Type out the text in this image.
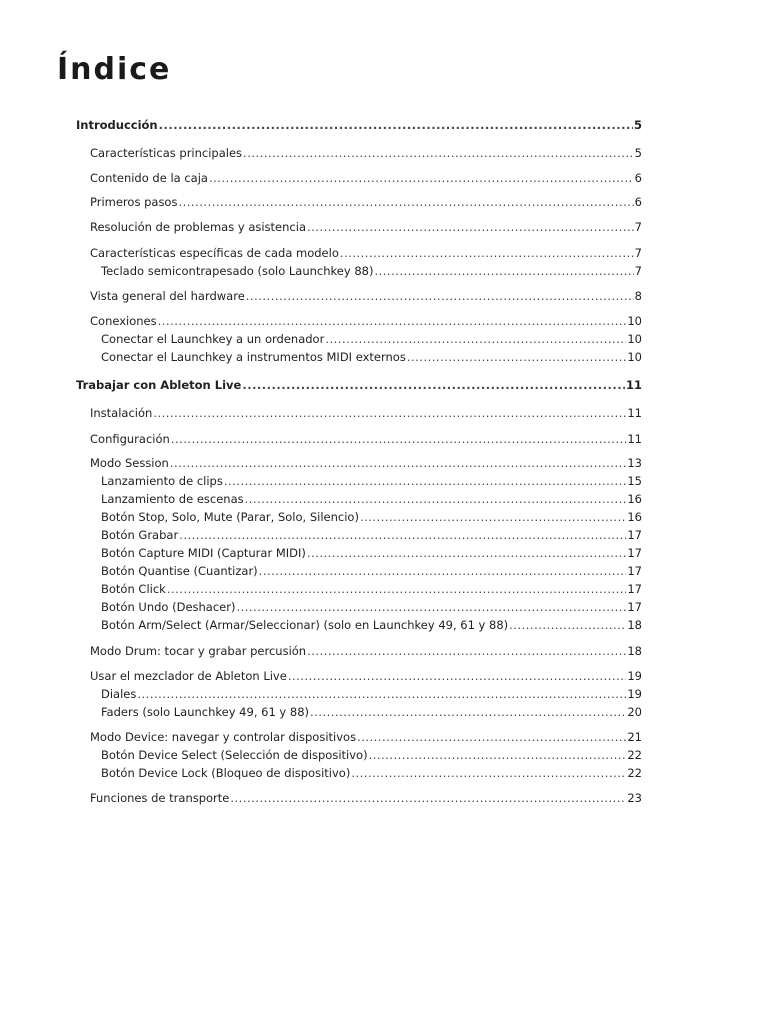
Índice
Introducción .....	5
Características principales .....	5
Contenido de la caja .....	6
Primeros pasos .....	6
Resolución de problemas y asistencia .....	7
Características específicas de cada modelo .....	7
Teclado semicontrapesado (solo Launchkey 88) .....	7
Vista general del hardware .....	8
Conexiones .....	10
Conectar el Launchkey a un ordenador .....	10
Conectar el Launchkey a instrumentos MIDI externos .....	10
Trabajar con Ableton Live .....	11
Instalación .....	11
Configuración .....	11
Modo Session .....	13
Lanzamiento de clips .....	15
Lanzamiento de escenas .....	16
Botón Stop, Solo, Mute (Parar, Solo, Silencio) .....	16
Botón Grabar .....	17
Botón Capture MIDI (Capturar MIDI) .....	17
Botón Quantise (Cuantizar) .....	17
Botón Click .....	17
Botón Undo (Deshacer) .....	17
Botón Arm/Select (Armar/Seleccionar) (solo en Launchkey 49, 61 y 88) .....	18
Modo Drum: tocar y grabar percusión .....	18
Usar el mezclador de Ableton Live .....	19
Diales .....	19
Faders (solo Launchkey 49, 61 y 88) .....	20
Modo Device: navegar y controlar dispositivos .....	21
Botón Device Select (Selección de dispositivo) .....	22
Botón Device Lock (Bloqueo de dispositivo) .....	22
Funciones de transporte .....	23
